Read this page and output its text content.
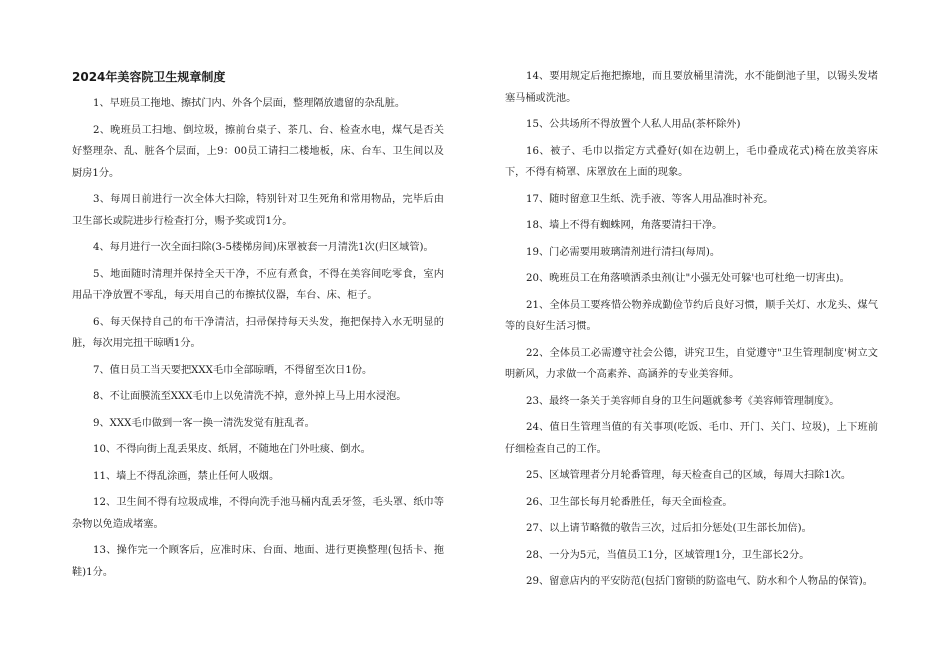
2024年美容院卫生规章制度

1、早班员工拖地、擦拭门内、外各个层面，整理隔放遗留的杂乱脏。

2、晚班员工扫地、倒垃圾，擦前台桌子、茶几、台、检查水电，煤气是否关好整理杂、乱、脏各个层面，上9：00员工请扫二楼地板，床、台车、卫生间以及厨房1分。

3、每周日前进行一次全体大扫除，特别针对卫生死角和常用物品，完毕后由卫生部长或院进步行检查打分，赐予奖或罚1分。

4、每月进行一次全面扫除(3-5楼梯房间)床罩被套一月清洗1次(归区域管)。

5、地面随时清理并保持全天干净，不应有煮食，不得在美容间吃零食，室内用品干净放置不零乱，每天用自己的布擦拭仪器，车台、床、柜子。

6、每天保持自己的布干净清洁，扫帚保持每天头发，拖把保持入水无明显的脏，每次用完扭干晾晒1分。

7、值日员工当天要把XXX毛巾全部晾晒，不得留至次日1份。

8、不让面膜流至XXX毛巾上以免清洗不掉，意外掉上马上用水浸泡。

9、XXX毛巾做到一客一换一清洗发觉有脏乱者。

10、不得向街上乱丢果皮、纸屑，不随地在门外吐痰、倒水。

11、墙上不得乱涂画，禁止任何人吸烟。

12、卫生间不得有垃圾成堆，不得向洗手池马桶内乱丢牙签，毛头罩、纸巾等杂物以免造成堵塞。

13、操作完一个顾客后，应准时床、台面、地面、进行更换整理(包括卡、拖鞋)1分。

14、要用规定后拖把擦地，而且要放桶里清洗，水不能倒池子里，以锡头发堵塞马桶或洗池。

15、公共场所不得放置个人私人用品(茶杯除外)

16、被子、毛巾以指定方式叠好(如在边朝上，毛巾叠成花式)椅在放美容床下，不得有椅罩、床罩放在上面的现象。

17、随时留意卫生纸、洗手液、等客人用品准时补充。

18、墙上不得有蜘蛛网，角落要清扫干净。

19、门必需要用玻璃清剂进行清扫(每周)。

20、晚班员工在角落喷洒杀虫剂(让"小强无处可躲'也可杜绝一切害虫)。

21、全体员工要疼惜公物养成勤俭节约后良好习惯，顺手关灯、水龙头、煤气等的良好生活习惯。

22、全体员工必需遵守社会公德，讲究卫生，自觉遵守"卫生管理制度'树立文明新风，力求做一个高素养、高涵养的专业美容师。

23、最终一条关于美容师自身的卫生问题就参考《美容师管理制度》。

24、值日生管理当值的有关事项(吃饭、毛巾、开门、关门、垃圾)，上下班前仔细检查自己的工作。

25、区域管理者分月轮番管理，每天检查自己的区域，每周大扫除1次。

26、卫生部长每月轮番胜任，每天全面检查。

27、以上请节略微的敬告三次，过后扣分惩处(卫生部长加倍)。

28、一分为5元，当值员工1分，区域管理1分，卫生部长2分。

29、留意店内的平安防范(包括门窗锁的防盗电气、防水和个人物品的保管)。
